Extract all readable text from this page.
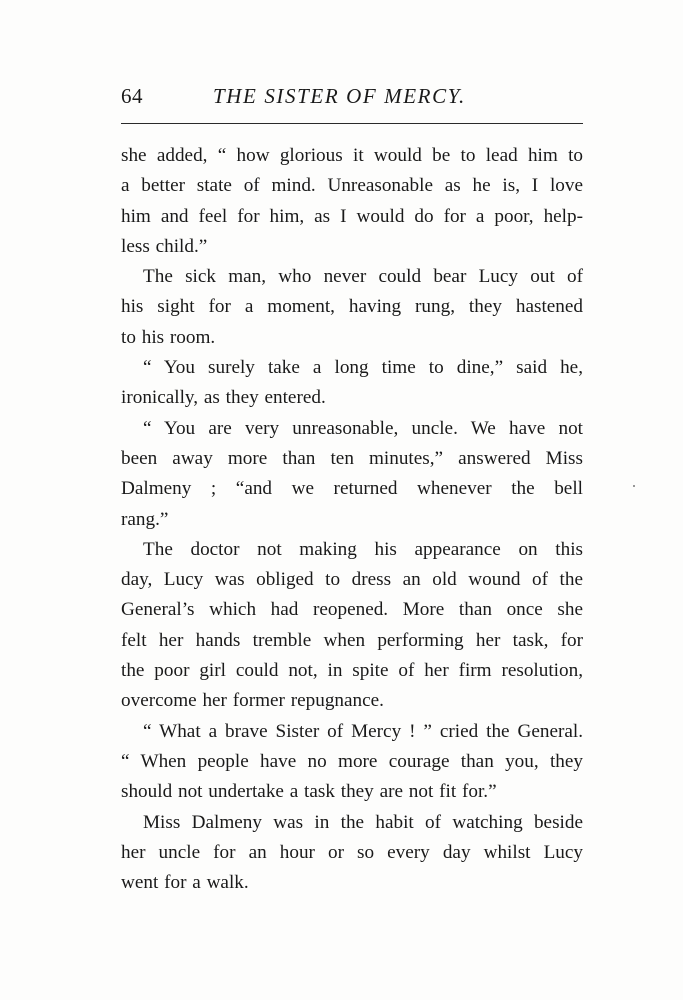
64	THE SISTER OF MERCY.
she added, “ how glorious it would be to lead him to
a better state of mind. Unreasonable as he is, I love
him and feel for him, as I would do for a poor, help-
less child.”
The sick man, who never could bear Lucy out of
his sight for a moment, having rung, they hastened
to his room.
“ You surely take a long time to dine,” said he,
ironically, as they entered.
“ You are very unreasonable, uncle. We have not
been away more than ten minutes,” answered Miss
Dalmeny ; “and we returned whenever the bell
rang.”
The doctor not making his appearance on this
day, Lucy was obliged to dress an old wound of the
General’s which had reopened. More than once she
felt her hands tremble when performing her task, for
the poor girl could not, in spite of her firm resolution,
overcome her former repugnance.
“ What a brave Sister of Mercy ! ” cried the General.
“ When people have no more courage than you, they
should not undertake a task they are not fit for.”
Miss Dalmeny was in the habit of watching beside
her uncle for an hour or so every day whilst Lucy
went for a walk.
